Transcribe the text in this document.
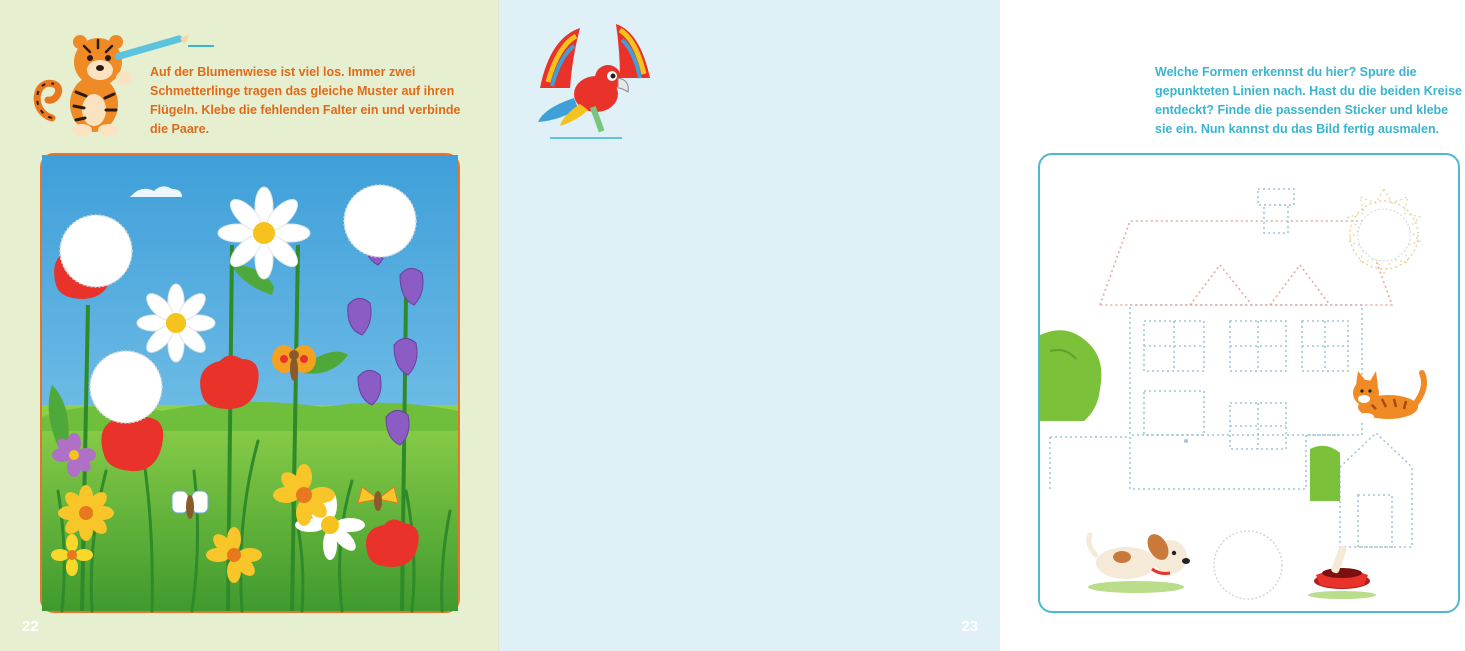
Auf der Blumenwiese ist viel los. Immer zwei Schmetterlinge tragen das gleiche Muster auf ihren Flügeln. Klebe die fehlenden Falter ein und verbinde die Paare.

22

Welche Formen erkennst du hier? Spure die gepunkteten Linien nach. Hast du die beiden Kreise entdeckt? Finde die passenden Sticker und klebe sie ein. Nun kannst du das Bild fertig ausmalen.

23
